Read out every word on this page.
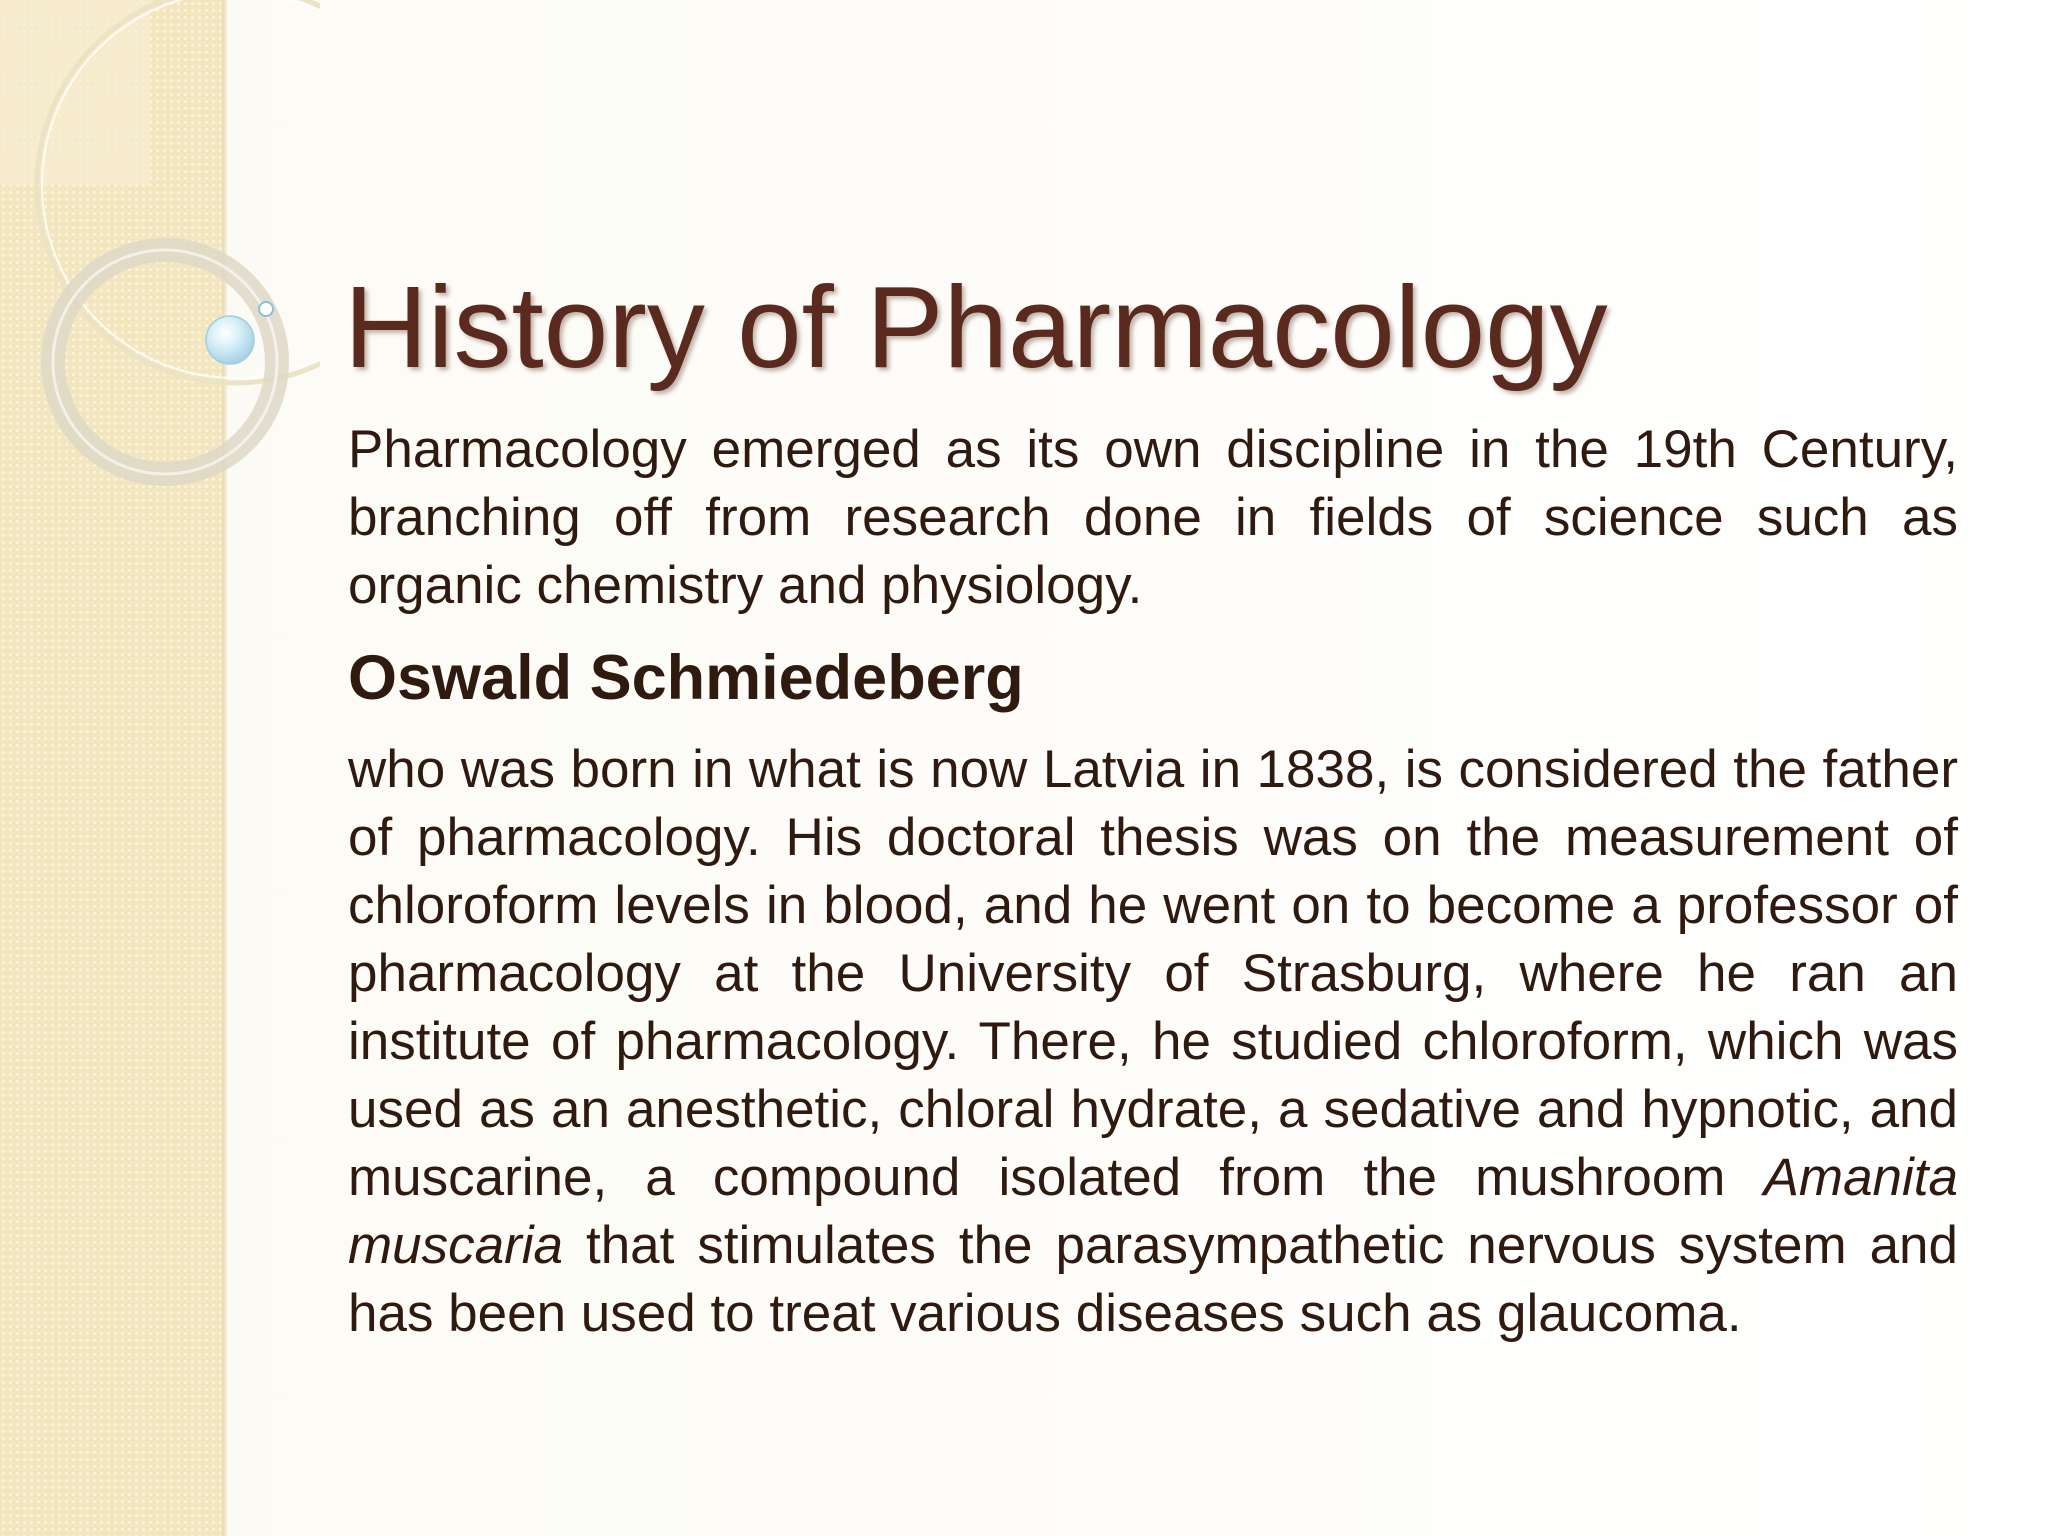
History of Pharmacology

Pharmacology emerged as its own discipline in the 19th Century, branching off from research done in fields of science such as organic chemistry and physiology.

Oswald Schmiedeberg

who was born in what is now Latvia in 1838, is considered the father of pharmacology. His doctoral thesis was on the measurement of chloroform levels in blood, and he went on to become a professor of pharmacology at the University of Strasburg, where he ran an institute of pharmacology. There, he studied chloroform, which was used as an anesthetic, chloral hydrate, a sedative and hypnotic, and muscarine, a compound isolated from the mushroom Amanita muscaria that stimulates the parasympathetic nervous system and has been used to treat various diseases such as glaucoma.
